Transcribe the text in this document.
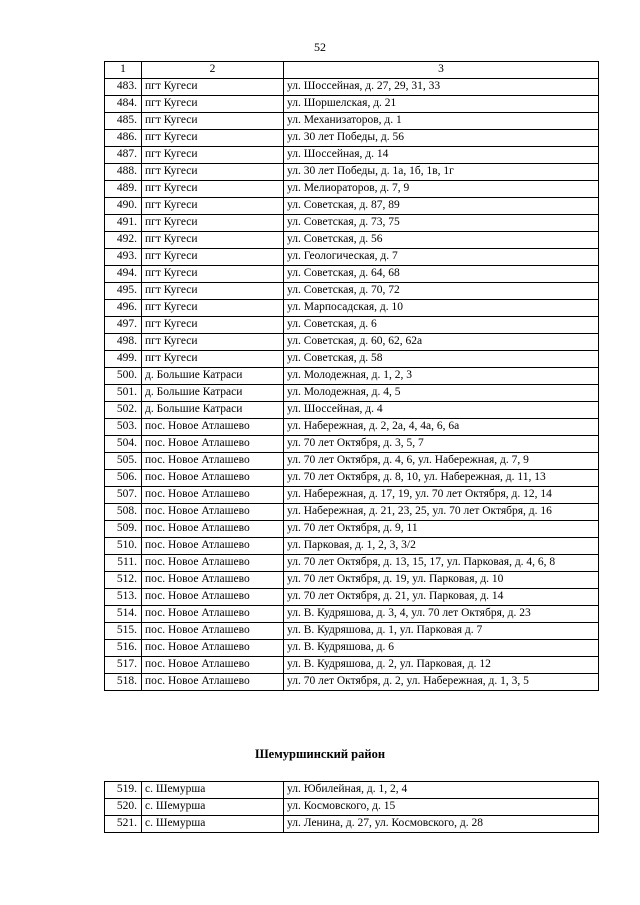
52
1	2	3
483.	пгт Кугеси	ул. Шоссейная, д. 27, 29, 31, 33
484.	пгт Кугеси	ул. Шоршелская, д. 21
485.	пгт Кугеси	ул. Механизаторов, д. 1
486.	пгт Кугеси	ул. 30 лет Победы, д. 56
487.	пгт Кугеси	ул. Шоссейная, д. 14
488.	пгт Кугеси	ул. 30 лет Победы, д. 1а, 1б, 1в, 1г
489.	пгт Кугеси	ул. Мелиораторов, д. 7, 9
490.	пгт Кугеси	ул. Советская, д. 87, 89
491.	пгт Кугеси	ул. Советская, д. 73, 75
492.	пгт Кугеси	ул. Советская, д. 56
493.	пгт Кугеси	ул. Геологическая, д. 7
494.	пгт Кугеси	ул. Советская, д. 64, 68
495.	пгт Кугеси	ул. Советская, д. 70, 72
496.	пгт Кугеси	ул. Марпосадская, д. 10
497.	пгт Кугеси	ул. Советская, д. 6
498.	пгт Кугеси	ул. Советская, д. 60, 62, 62а
499.	пгт Кугеси	ул. Советская, д. 58
500.	д. Большие Катраси	ул. Молодежная, д. 1, 2, 3
501.	д. Большие Катраси	ул. Молодежная, д. 4, 5
502.	д. Большие Катраси	ул. Шоссейная, д. 4
503.	пос. Новое Атлашево	ул. Набережная, д. 2, 2а, 4, 4а, 6, 6а
504.	пос. Новое Атлашево	ул. 70 лет Октября, д. 3, 5, 7
505.	пос. Новое Атлашево	ул. 70 лет Октября, д. 4, 6, ул. Набережная, д. 7, 9
506.	пос. Новое Атлашево	ул. 70 лет Октября, д. 8, 10, ул. Набережная, д. 11, 13
507.	пос. Новое Атлашево	ул. Набережная, д. 17, 19, ул. 70 лет Октября, д. 12, 14
508.	пос. Новое Атлашево	ул. Набережная, д. 21, 23, 25, ул. 70 лет Октября, д. 16
509.	пос. Новое Атлашево	ул. 70 лет Октября, д. 9, 11
510.	пос. Новое Атлашево	ул. Парковая, д. 1, 2, 3, 3/2
511.	пос. Новое Атлашево	ул. 70 лет Октября, д. 13, 15, 17, ул. Парковая, д. 4, 6, 8
512.	пос. Новое Атлашево	ул. 70 лет Октября, д. 19, ул. Парковая, д. 10
513.	пос. Новое Атлашево	ул. 70 лет Октября, д. 21, ул. Парковая, д. 14
514.	пос. Новое Атлашево	ул. В. Кудряшова, д. 3, 4, ул. 70 лет Октября, д. 23
515.	пос. Новое Атлашево	ул. В. Кудряшова, д. 1, ул. Парковая д. 7
516.	пос. Новое Атлашево	ул. В. Кудряшова, д. 6
517.	пос. Новое Атлашево	ул. В. Кудряшова, д. 2, ул. Парковая, д. 12
518.	пос. Новое Атлашево	ул. 70 лет Октября, д. 2, ул. Набережная, д. 1, 3, 5
Шемуршинский район
519.	с. Шемурша	ул. Юбилейная, д. 1, 2, 4
520.	с. Шемурша	ул. Космовского, д. 15
521.	с. Шемурша	ул. Ленина, д. 27, ул. Космовского, д. 28
